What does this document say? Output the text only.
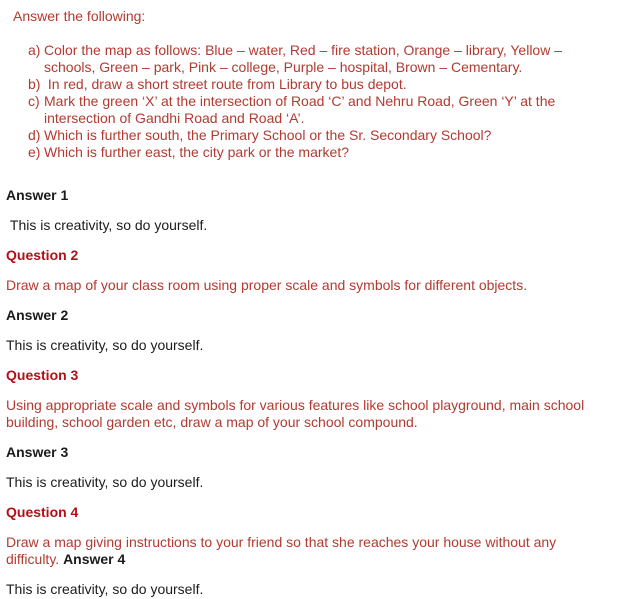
Answer the following:

a) Color the map as follows: Blue – water, Red – fire station, Orange – library, Yellow –
schools, Green – park, Pink – college, Purple – hospital, Brown – Cementary.
b) In red, draw a short street route from Library to bus depot.
c) Mark the green ‘X’ at the intersection of Road ‘C’ and Nehru Road, Green ‘Y’ at the
intersection of Gandhi Road and Road ‘A’.
d) Which is further south, the Primary School or the Sr. Secondary School?
e) Which is further east, the city park or the market?
Answer 1

This is creativity, so do yourself.

Question 2

Draw a map of your class room using proper scale and symbols for different objects.

Answer 2

This is creativity, so do yourself.

Question 3

Using appropriate scale and symbols for various features like school playground, main school
building, school garden etc, draw a map of your school compound.

Answer 3

This is creativity, so do yourself.

Question 4

Draw a map giving instructions to your friend so that she reaches your house without any
difficulty. Answer 4

This is creativity, so do yourself.
